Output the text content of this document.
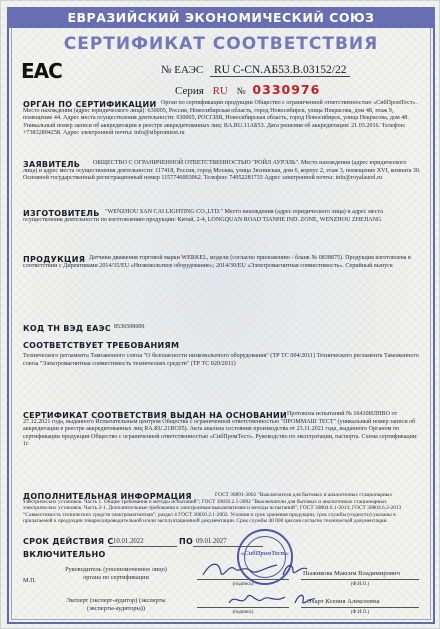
ЕВРАЗИЙСКИЙ ЭКОНОМИЧЕСКИЙ СОЮЗ
СЕРТИФИКАТ СООТВЕТСТВИЯ
EAC	№ ЕАЭС RU С-CN.АБ53.В.03152/22
Серия RU № 0330976
ОРГАН ПО СЕРТИФИКАЦИИ Орган по сертификации продукции Общество с ограниченной ответственностью «СибПромТест». Место нахождения (адрес юридического лица): 630005, Россия, Новосибирская область, город Новосибирск, улица Некрасова, дом 48, этаж 9, помещение 44. Адрес места осуществления деятельности: 630005, РОССИЯ, Новосибирская область, город Новосибирск, улица Некрасова, дом 48. Уникальный номер записи об аккредитации в реестре аккредитованных лиц: RA.RU.11АБ53. Дата решения об аккредитации: 21.03.2016. Телефон: +73832804258. Адрес электронной почты: info@sibpromtest.ru
ЗАЯВИТЕЛЬ	ОБЩЕСТВО С ОГРАНИЧЕННОЙ ОТВЕТСТВЕННОСТЬЮ "РОЙЛ АУРЭЛЬ". Место нахождения (адрес юридического лица) и адрес места осуществления деятельности: 117418, Россия, город Москва, улица Зюзинская, дом 6, корпус 2, этаж 3, помещение XVI, комната 30. Основной государственный регистрационный номер 1157746003062. Телефон: 74952281733 Адрес электронной почты: info@royalaurel.ru
ИЗГОТОВИТЕЛЬ "WENZHOU SAN CAI LIGHTING CO.,LTD." Место нахождения (адрес юридического лица) и адрес места осуществления деятельности по изготовлению продукции: Китай, 2-4, LONGQUAN ROAD TIANHE IND. ZONE, WENZHOU ZHEJIANG
ПРОДУКЦИЯ Датчики движения торговой марки WERKEL, модели (согласно приложению - бланк № 0838875). Продукция изготовлена в соответствии с Директивами 2014/35/EU «Низковольтное оборудование»; 2014/30/EU «Электромагнитная совместимость». Серийный выпуск
КОД ТН ВЭД ЕАЭС 8536508009
СООТВЕТСТВУЕТ ТРЕБОВАНИЯМ
Технического регламента Таможенного союза "О безопасности низковольтного оборудования" (ТР ТС 004/2011) Технического регламента Таможенного союза "Электромагнитная совместимость технических средств" (ТР ТС 020/2011)
СЕРТИФИКАТ СООТВЕТСТВИЯ ВЫДАН НА ОСНОВАНИИ Протокола испытаний № 16410ИЛНВО от 27.12.2021 года, выданного Испытательным центром Общества с ограниченной ответственностью "ПРОММАШ ТЕСТ" (уникальный номер записи об аккредитации в реестре аккредитованных лиц RA.RU.21ВС05). Акта анализа состояния производства от 23.11.2021 года, выданного Органом по сертификации продукции Общество с ограниченной ответственностью «СибПромТест». Руководство по эксплуатации, паспорта. Схема сертификации: 1с
ДОПОЛНИТЕЛЬНАЯ ИНФОРМАЦИЯ	ГОСТ 30891-2002 "Выключатели для бытовых и аналогичных стационарных электрических установок. Часть 1. Общие требования и методы испытаний"; ГОСТ 30850.2.1-2002 "Выключатели для бытовых и аналогичных стационарных электрических установок. Часть 2-1. Дополнительные требования к электронным выключателям и методы испытаний"; ГОСТ 30804.6.1-2013; ГОСТ 30804.6.3-2013 "Совместимость технических средств электромагнитная"; раздел 4 ГОСТ 30850.2.1-2002. Условия и срок хранения продукции, срок службы (годности) указаны в прилагаемой к продукции товаросопроводительной и/или эксплуатационной документации. Срок службы 40 000 циклов согласно технической документации.
СРОК ДЕЙСТВИЯ С 10.01.2022	ПО 09.01.2027
ВКЛЮЧИТЕЛЬНО
Руководитель (уполномоченное лицо) органа по сертификации
(подпись)
Пыжикова Максим Владимирович
(Ф.И.О.)
Эксперт (эксперт-аудитор) (эксперты (эксперты-аудиторы))
(подпись)
Эхарт Ксения Алексеевна
(Ф.И.О.)
М.П.
«СибПромТест»
